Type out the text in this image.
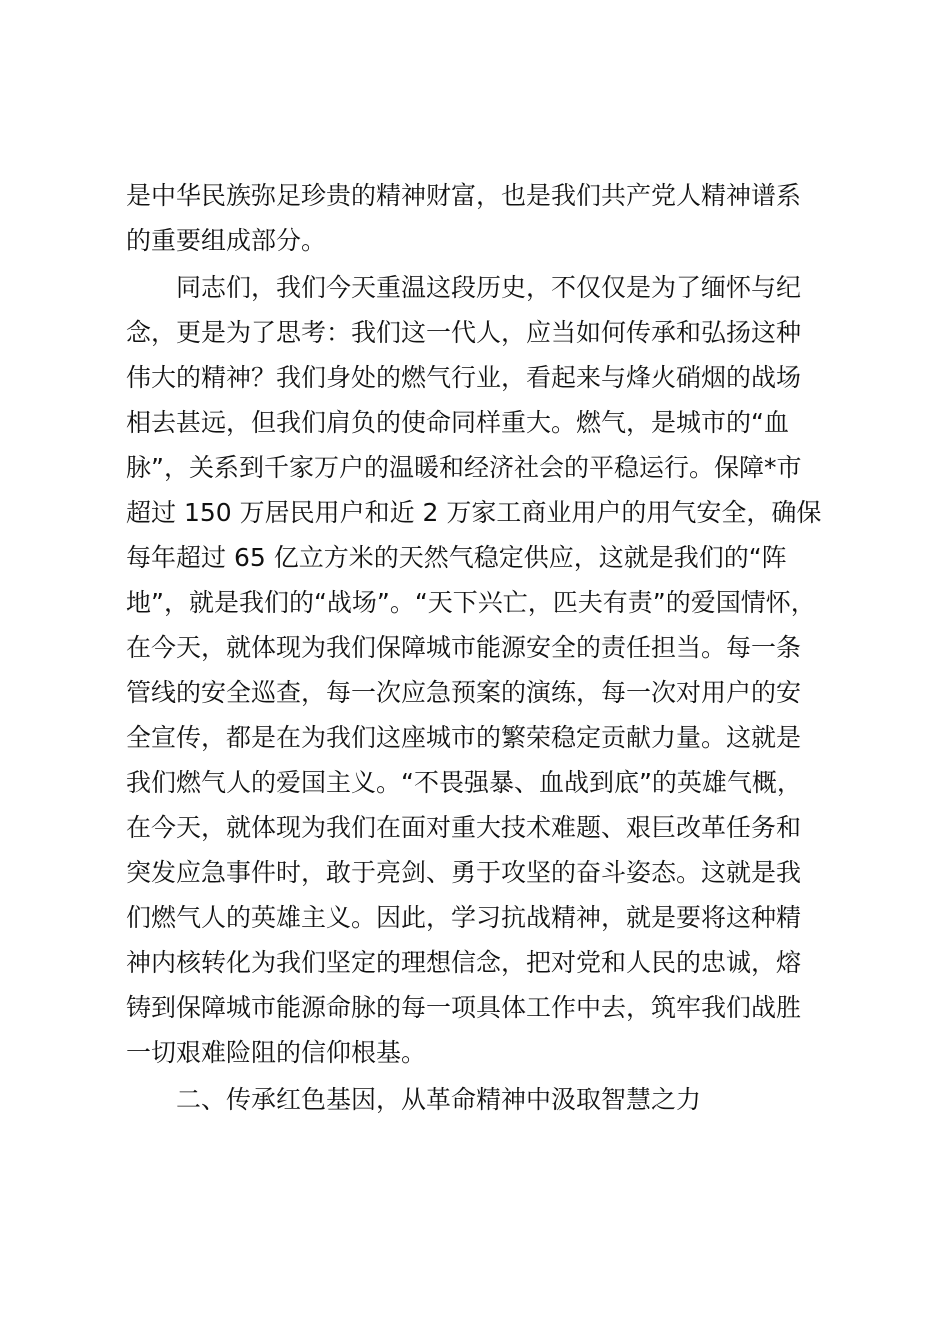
是中华民族弥足珍贵的精神财富，也是我们共产党人精神谱系
的重要组成部分。
同志们，我们今天重温这段历史，不仅仅是为了缅怀与纪
念，更是为了思考：我们这一代人，应当如何传承和弘扬这种
伟大的精神？我们身处的燃气行业，看起来与烽火硝烟的战场
相去甚远，但我们肩负的使命同样重大。燃气，是城市的“血
脉”，关系到千家万户的温暖和经济社会的平稳运行。保障*市
超过 150 万居民用户和近 2 万家工商业用户的用气安全，确保
每年超过 65 亿立方米的天然气稳定供应，这就是我们的“阵
地”，就是我们的“战场”。“天下兴亡，匹夫有责”的爱国情怀，
在今天，就体现为我们保障城市能源安全的责任担当。每一条
管线的安全巡查，每一次应急预案的演练，每一次对用户的安
全宣传，都是在为我们这座城市的繁荣稳定贡献力量。这就是
我们燃气人的爱国主义。“不畏强暴、血战到底”的英雄气概，
在今天，就体现为我们在面对重大技术难题、艰巨改革任务和
突发应急事件时，敢于亮剑、勇于攻坚的奋斗姿态。这就是我
们燃气人的英雄主义。因此，学习抗战精神，就是要将这种精
神内核转化为我们坚定的理想信念，把对党和人民的忠诚，熔
铸到保障城市能源命脉的每一项具体工作中去，筑牢我们战胜
一切艰难险阻的信仰根基。
二、传承红色基因，从革命精神中汲取智慧之力
